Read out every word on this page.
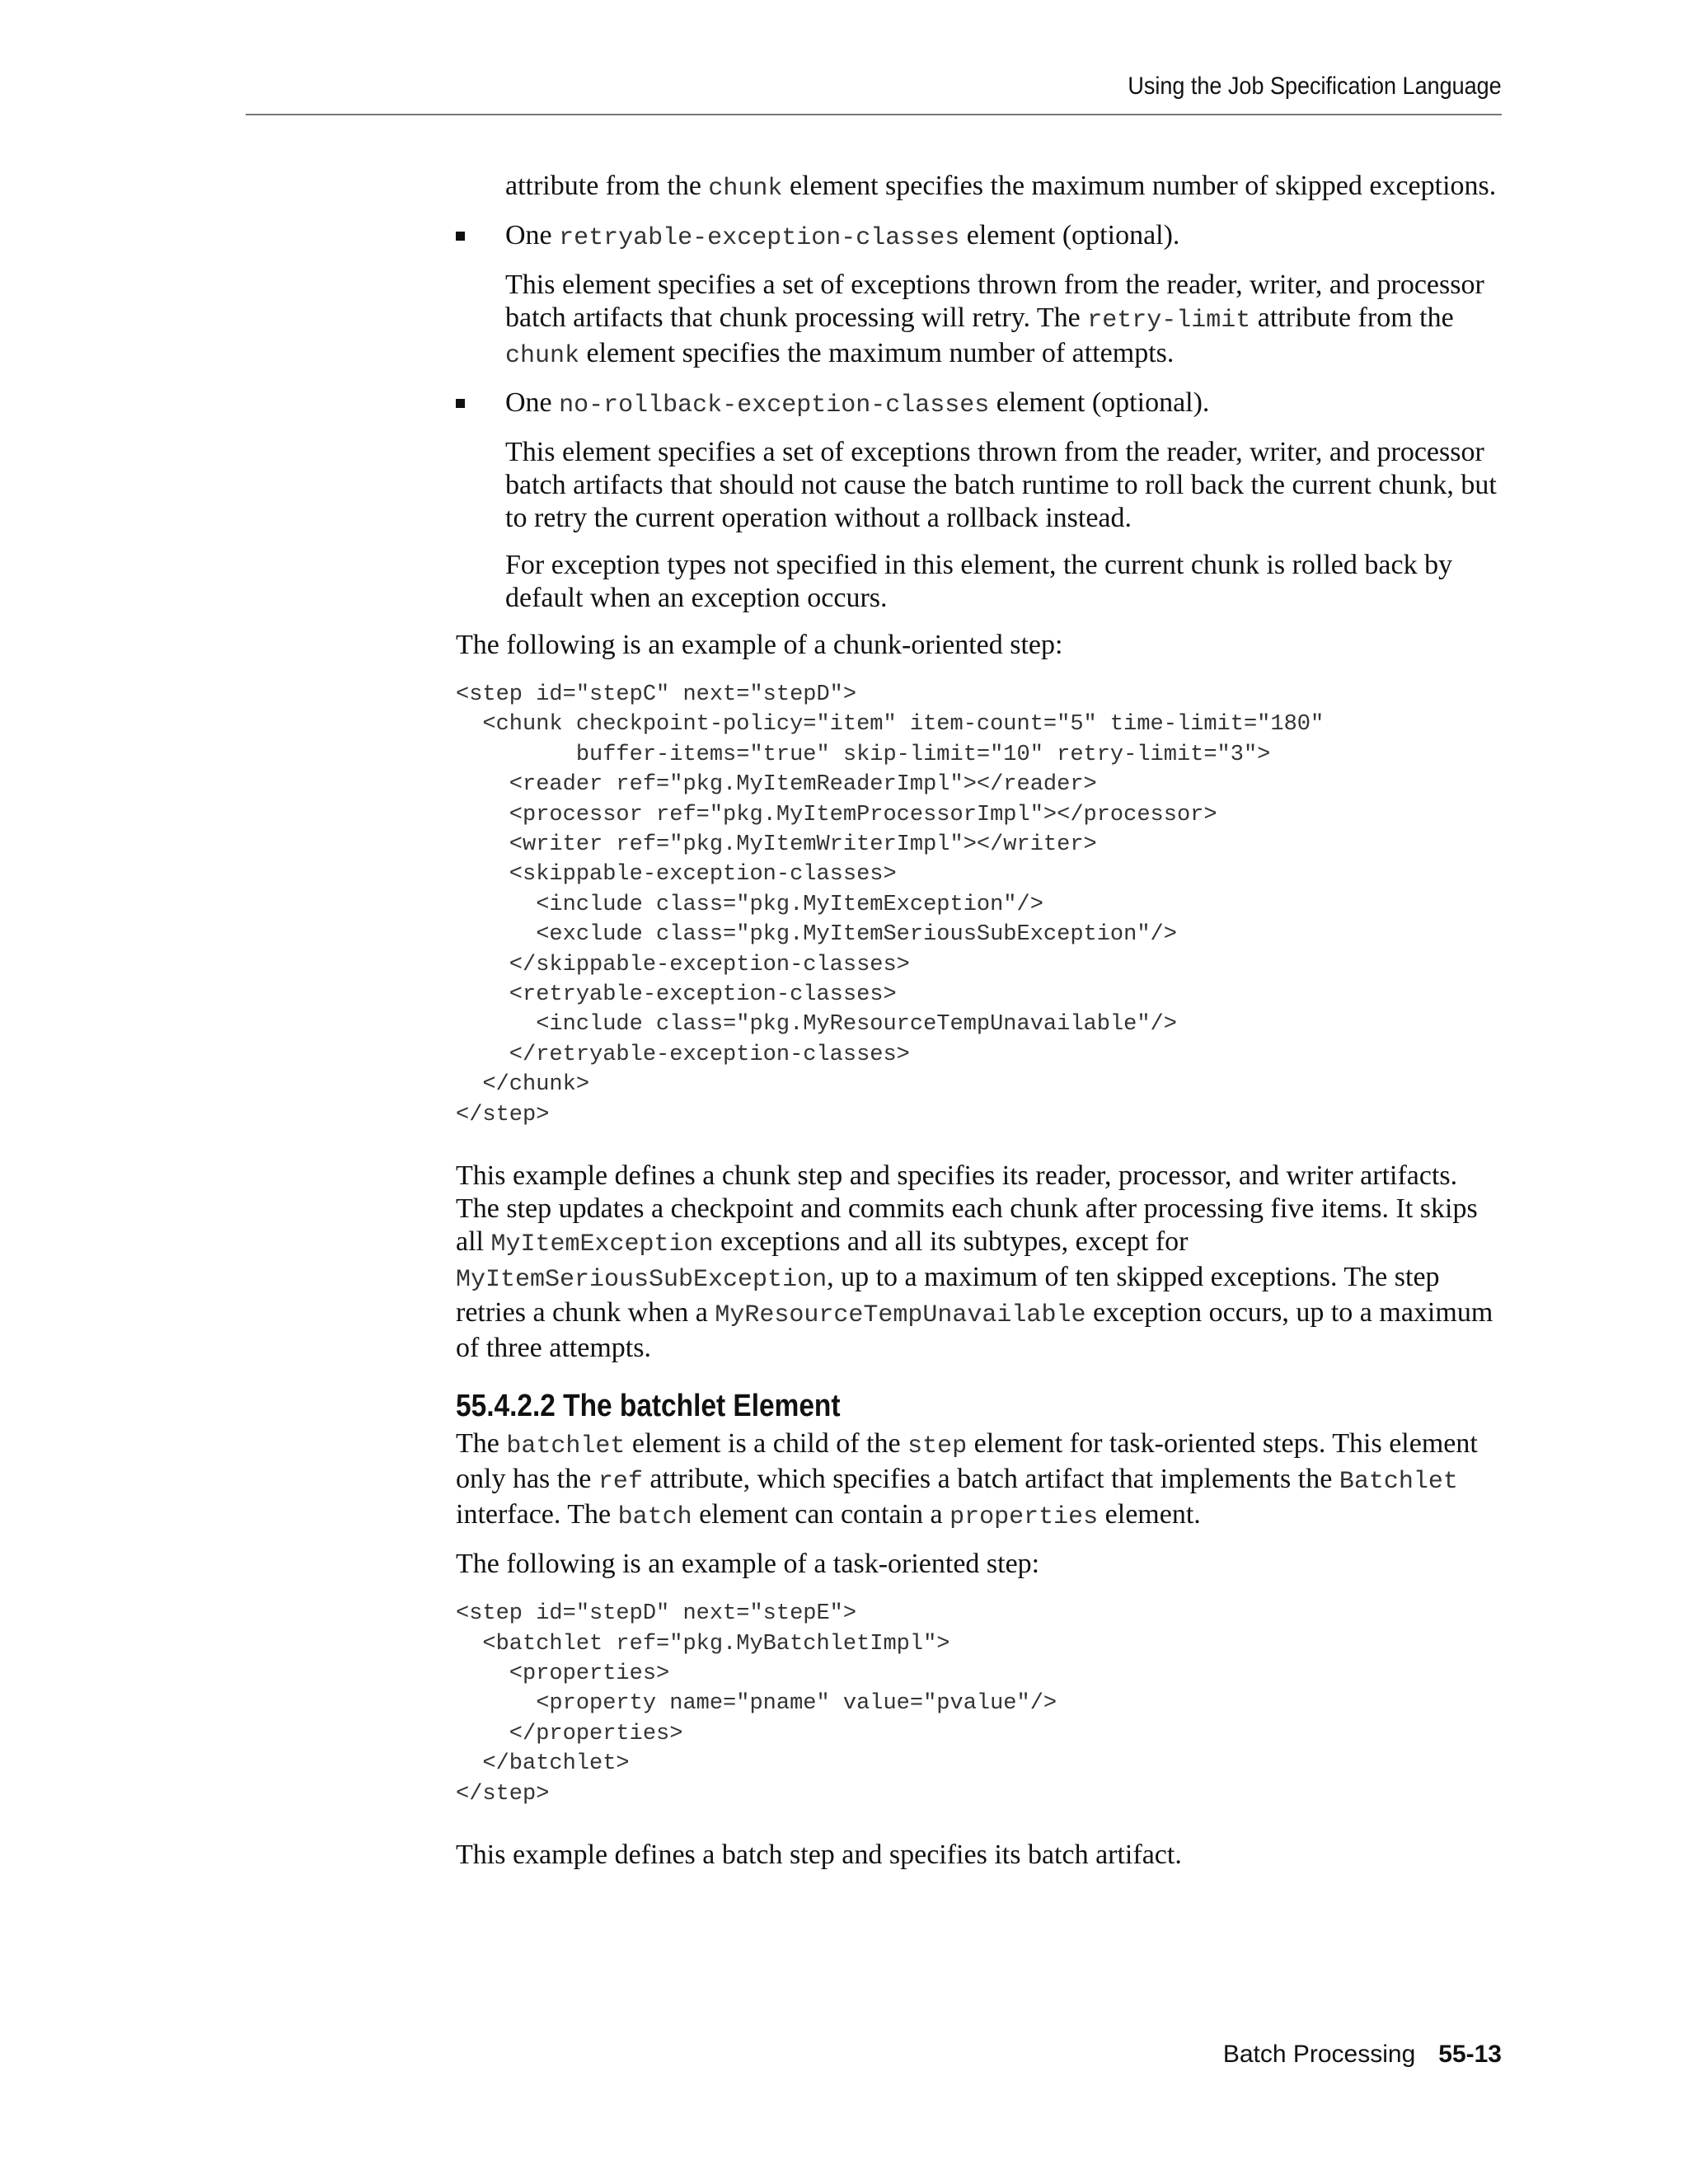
Using the Job Specification Language

attribute from the chunk element specifies the maximum number of skipped exceptions.

One retryable-exception-classes element (optional).

This element specifies a set of exceptions thrown from the reader, writer, and processor batch artifacts that chunk processing will retry. The retry-limit attribute from the chunk element specifies the maximum number of attempts.

One no-rollback-exception-classes element (optional).

This element specifies a set of exceptions thrown from the reader, writer, and processor batch artifacts that should not cause the batch runtime to roll back the current chunk, but to retry the current operation without a rollback instead.

For exception types not specified in this element, the current chunk is rolled back by default when an exception occurs.

The following is an example of a chunk-oriented step:

<step id="stepC" next="stepD">
<chunk checkpoint-policy="item" item-count="5" time-limit="180"
buffer-items="true" skip-limit="10" retry-limit="3">
<reader ref="pkg.MyItemReaderImpl"></reader>
<processor ref="pkg.MyItemProcessorImpl"></processor>
<writer ref="pkg.MyItemWriterImpl"></writer>
<skippable-exception-classes>
<include class="pkg.MyItemException"/>
<exclude class="pkg.MyItemSeriousSubException"/>
</skippable-exception-classes>
<retryable-exception-classes>
<include class="pkg.MyResourceTempUnavailable"/>
</retryable-exception-classes>
</chunk>
</step>

This example defines a chunk step and specifies its reader, processor, and writer artifacts. The step updates a checkpoint and commits each chunk after processing five items. It skips all MyItemException exceptions and all its subtypes, except for MyItemSeriousSubException, up to a maximum of ten skipped exceptions. The step retries a chunk when a MyResourceTempUnavailable exception occurs, up to a maximum of three attempts.

55.4.2.2 The batchlet Element

The batchlet element is a child of the step element for task-oriented steps. This element only has the ref attribute, which specifies a batch artifact that implements the Batchlet interface. The batch element can contain a properties element.

The following is an example of a task-oriented step:

<step id="stepD" next="stepE">
<batchlet ref="pkg.MyBatchletImpl">
<properties>
<property name="pname" value="pvalue"/>
</properties>
</batchlet>
</step>

This example defines a batch step and specifies its batch artifact.

Batch Processing 55-13
